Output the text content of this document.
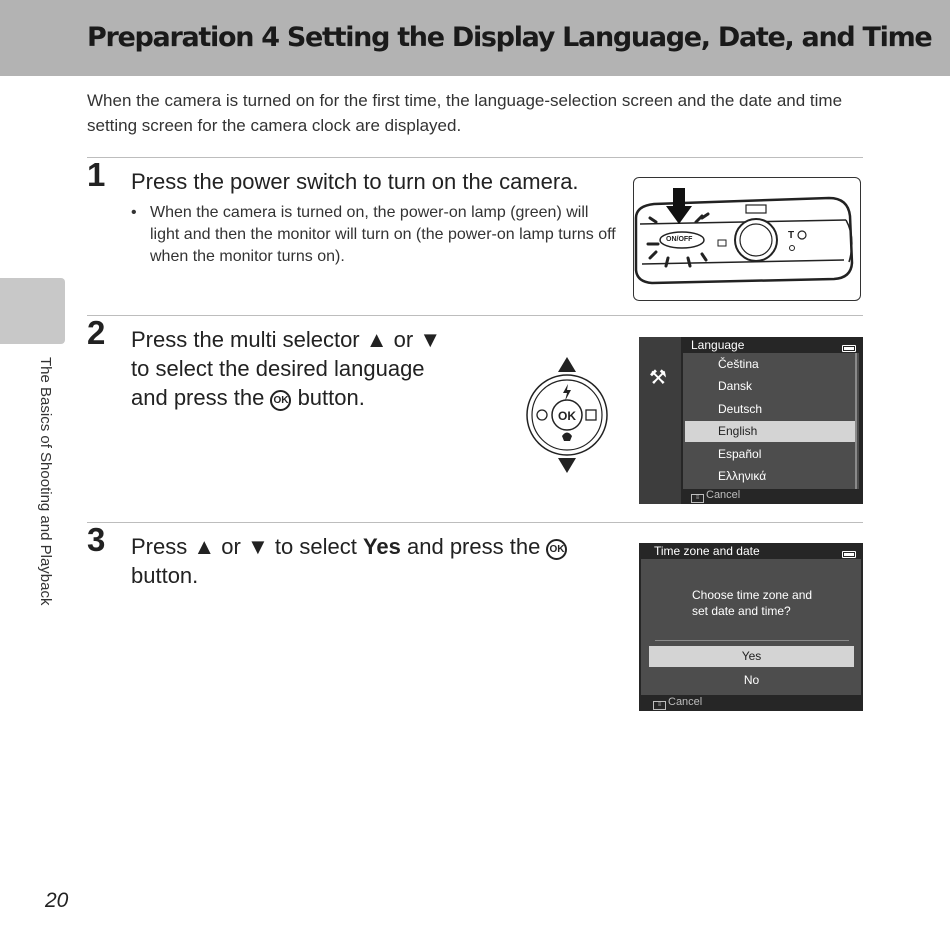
Preparation 4 Setting the Display Language, Date, and Time
When the camera is turned on for the first time, the language-selection screen and the date and time setting screen for the camera clock are displayed.
The Basics of Shooting and Playback
1 Press the power switch to turn on the camera.
• When the camera is turned on, the power-on lamp (green) will light and then the monitor will turn on (the power-on lamp turns off when the monitor turns on).
T
ON/OFF
2 Press the multi selector ▲ or ▼
to select the desired language
and press the OK button.
OK
⚒
Language
Čeština
Dansk
Deutsch
English
Español
Ελληνικά
≡ Cancel
3 Press ▲ or ▼ to select Yes and press the OK
button.
Time zone and date
Choose time zone and
set date and time?
Yes
No
≡ Cancel
20
